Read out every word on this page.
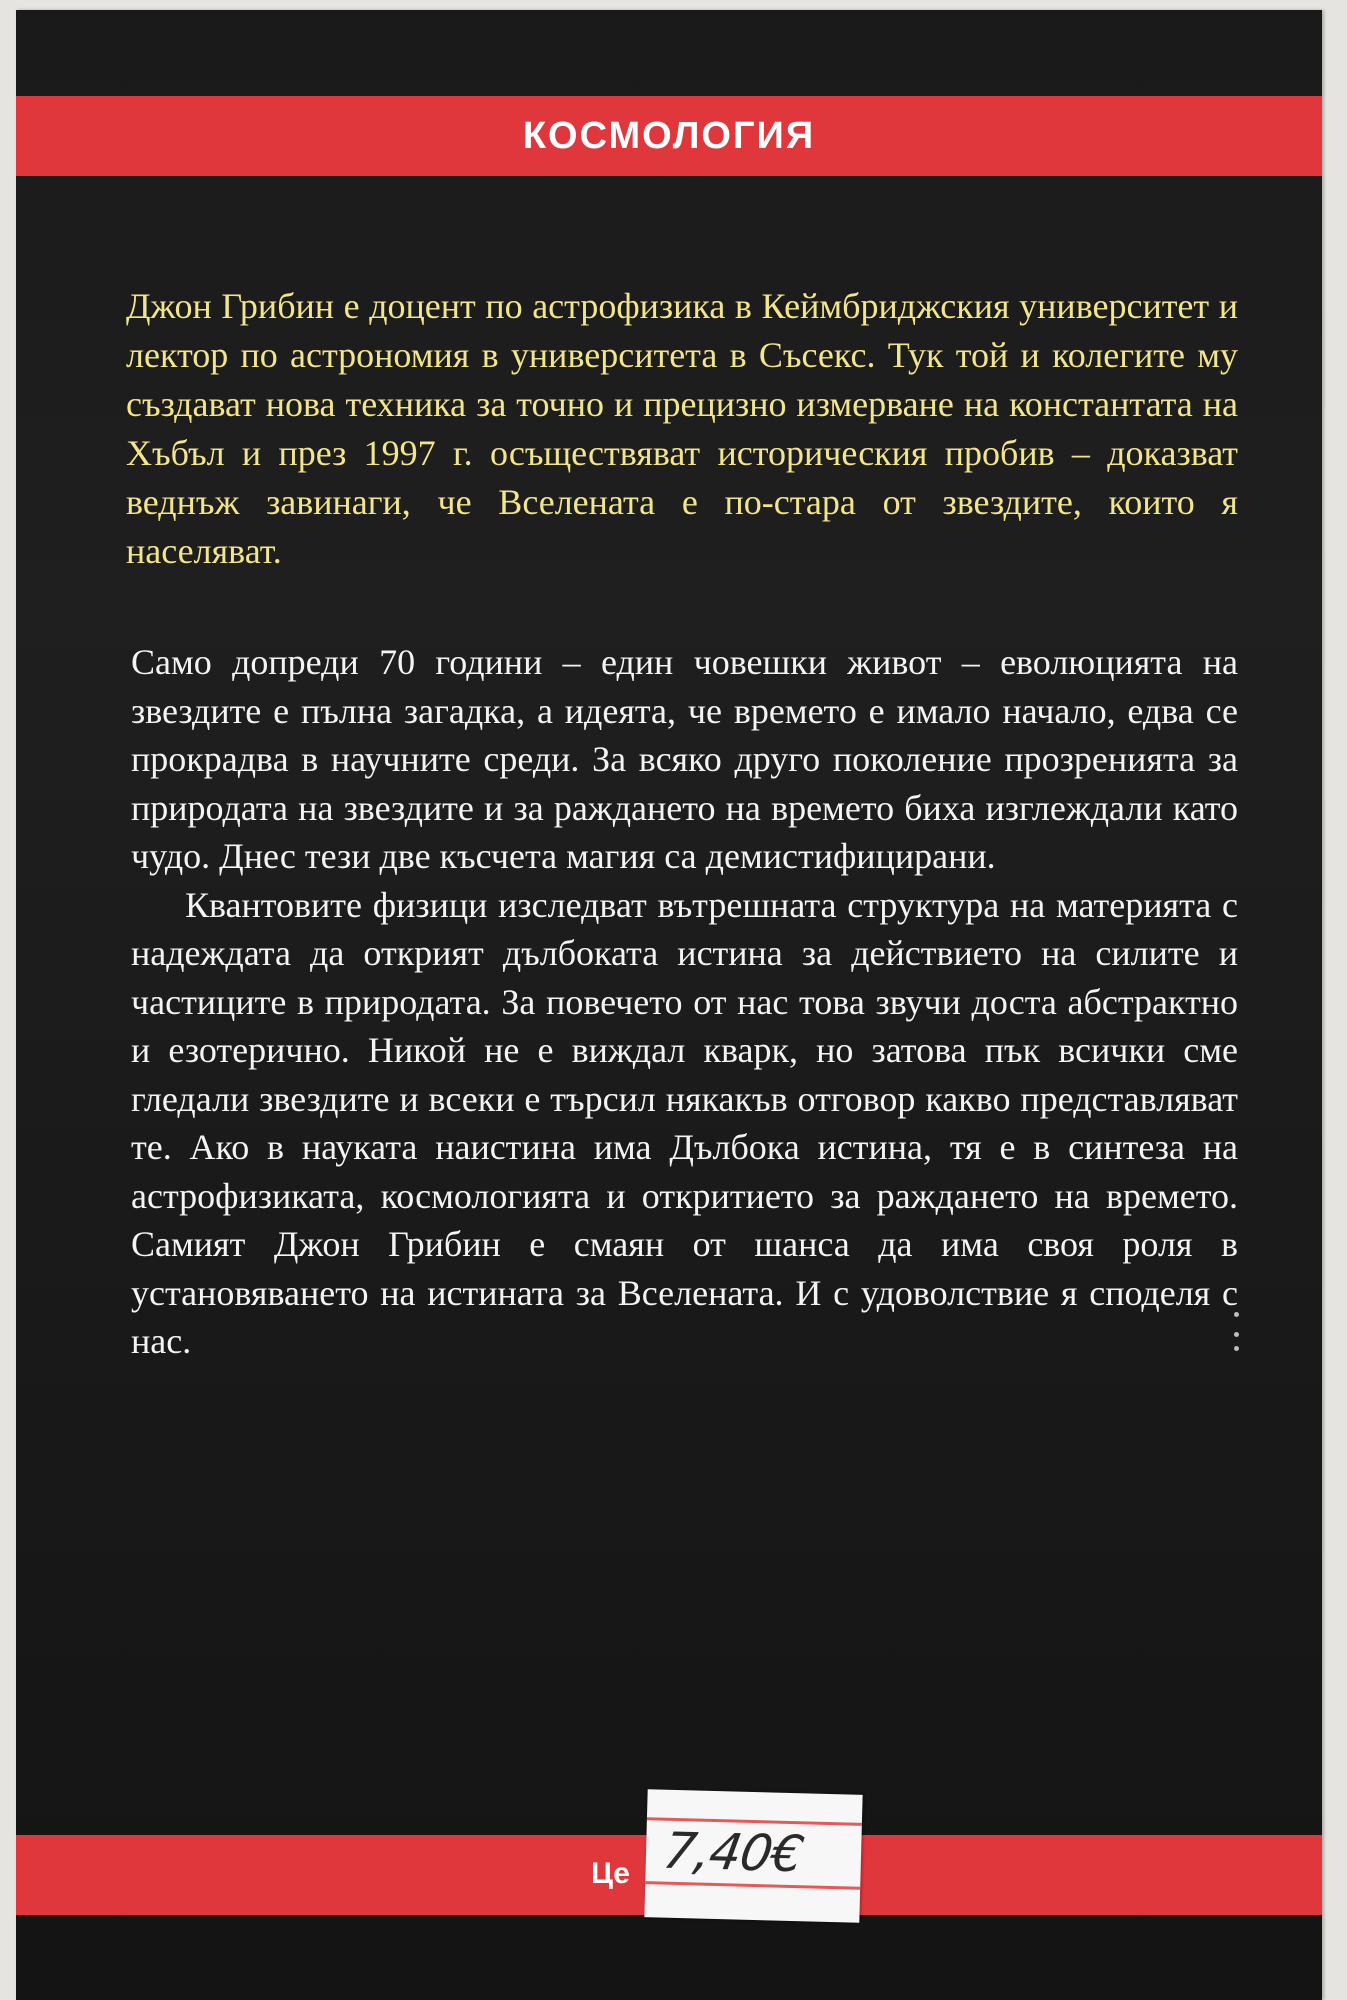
КОСМОЛОГИЯ

Джон Грибин е доцент по астрофизика в Кеймбриджския университет и лектор по астрономия в университета в Съсекс. Тук той и колегите му създават нова техника за точно и прецизно измерване на константата на Хъбъл и през 1997 г. осъществяват историческия пробив – доказват веднъж завинаги, че Вселената е по-стара от звездите, които я населяват.

Само допреди 70 години – един човешки живот – еволюцията на звездите е пълна загадка, а идеята, че времето е имало начало, едва се прокрадва в научните среди. За всяко друго поколение прозренията за природата на звездите и за раждането на времето биха изглеждали като чудо. Днес тези две късчета магия са демистифицирани.

Квантовите физици изследват вътрешната структура на материята с надеждата да открият дълбоката истина за действието на силите и частиците в природата. За повечето от нас това звучи доста абстрактно и езотерично. Никой не е виждал кварк, но затова пък всички сме гледали звездите и всеки е търсил някакъв отговор какво представляват те. Ако в науката наистина има Дълбока истина, тя е в синтеза на астрофизиката, космологията и откритието за раждането на времето. Самият Джон Грибин е смаян от шанса да има своя роля в установяването на истината за Вселената. И с удоволствие я споделя с нас.

Це 7,40€
